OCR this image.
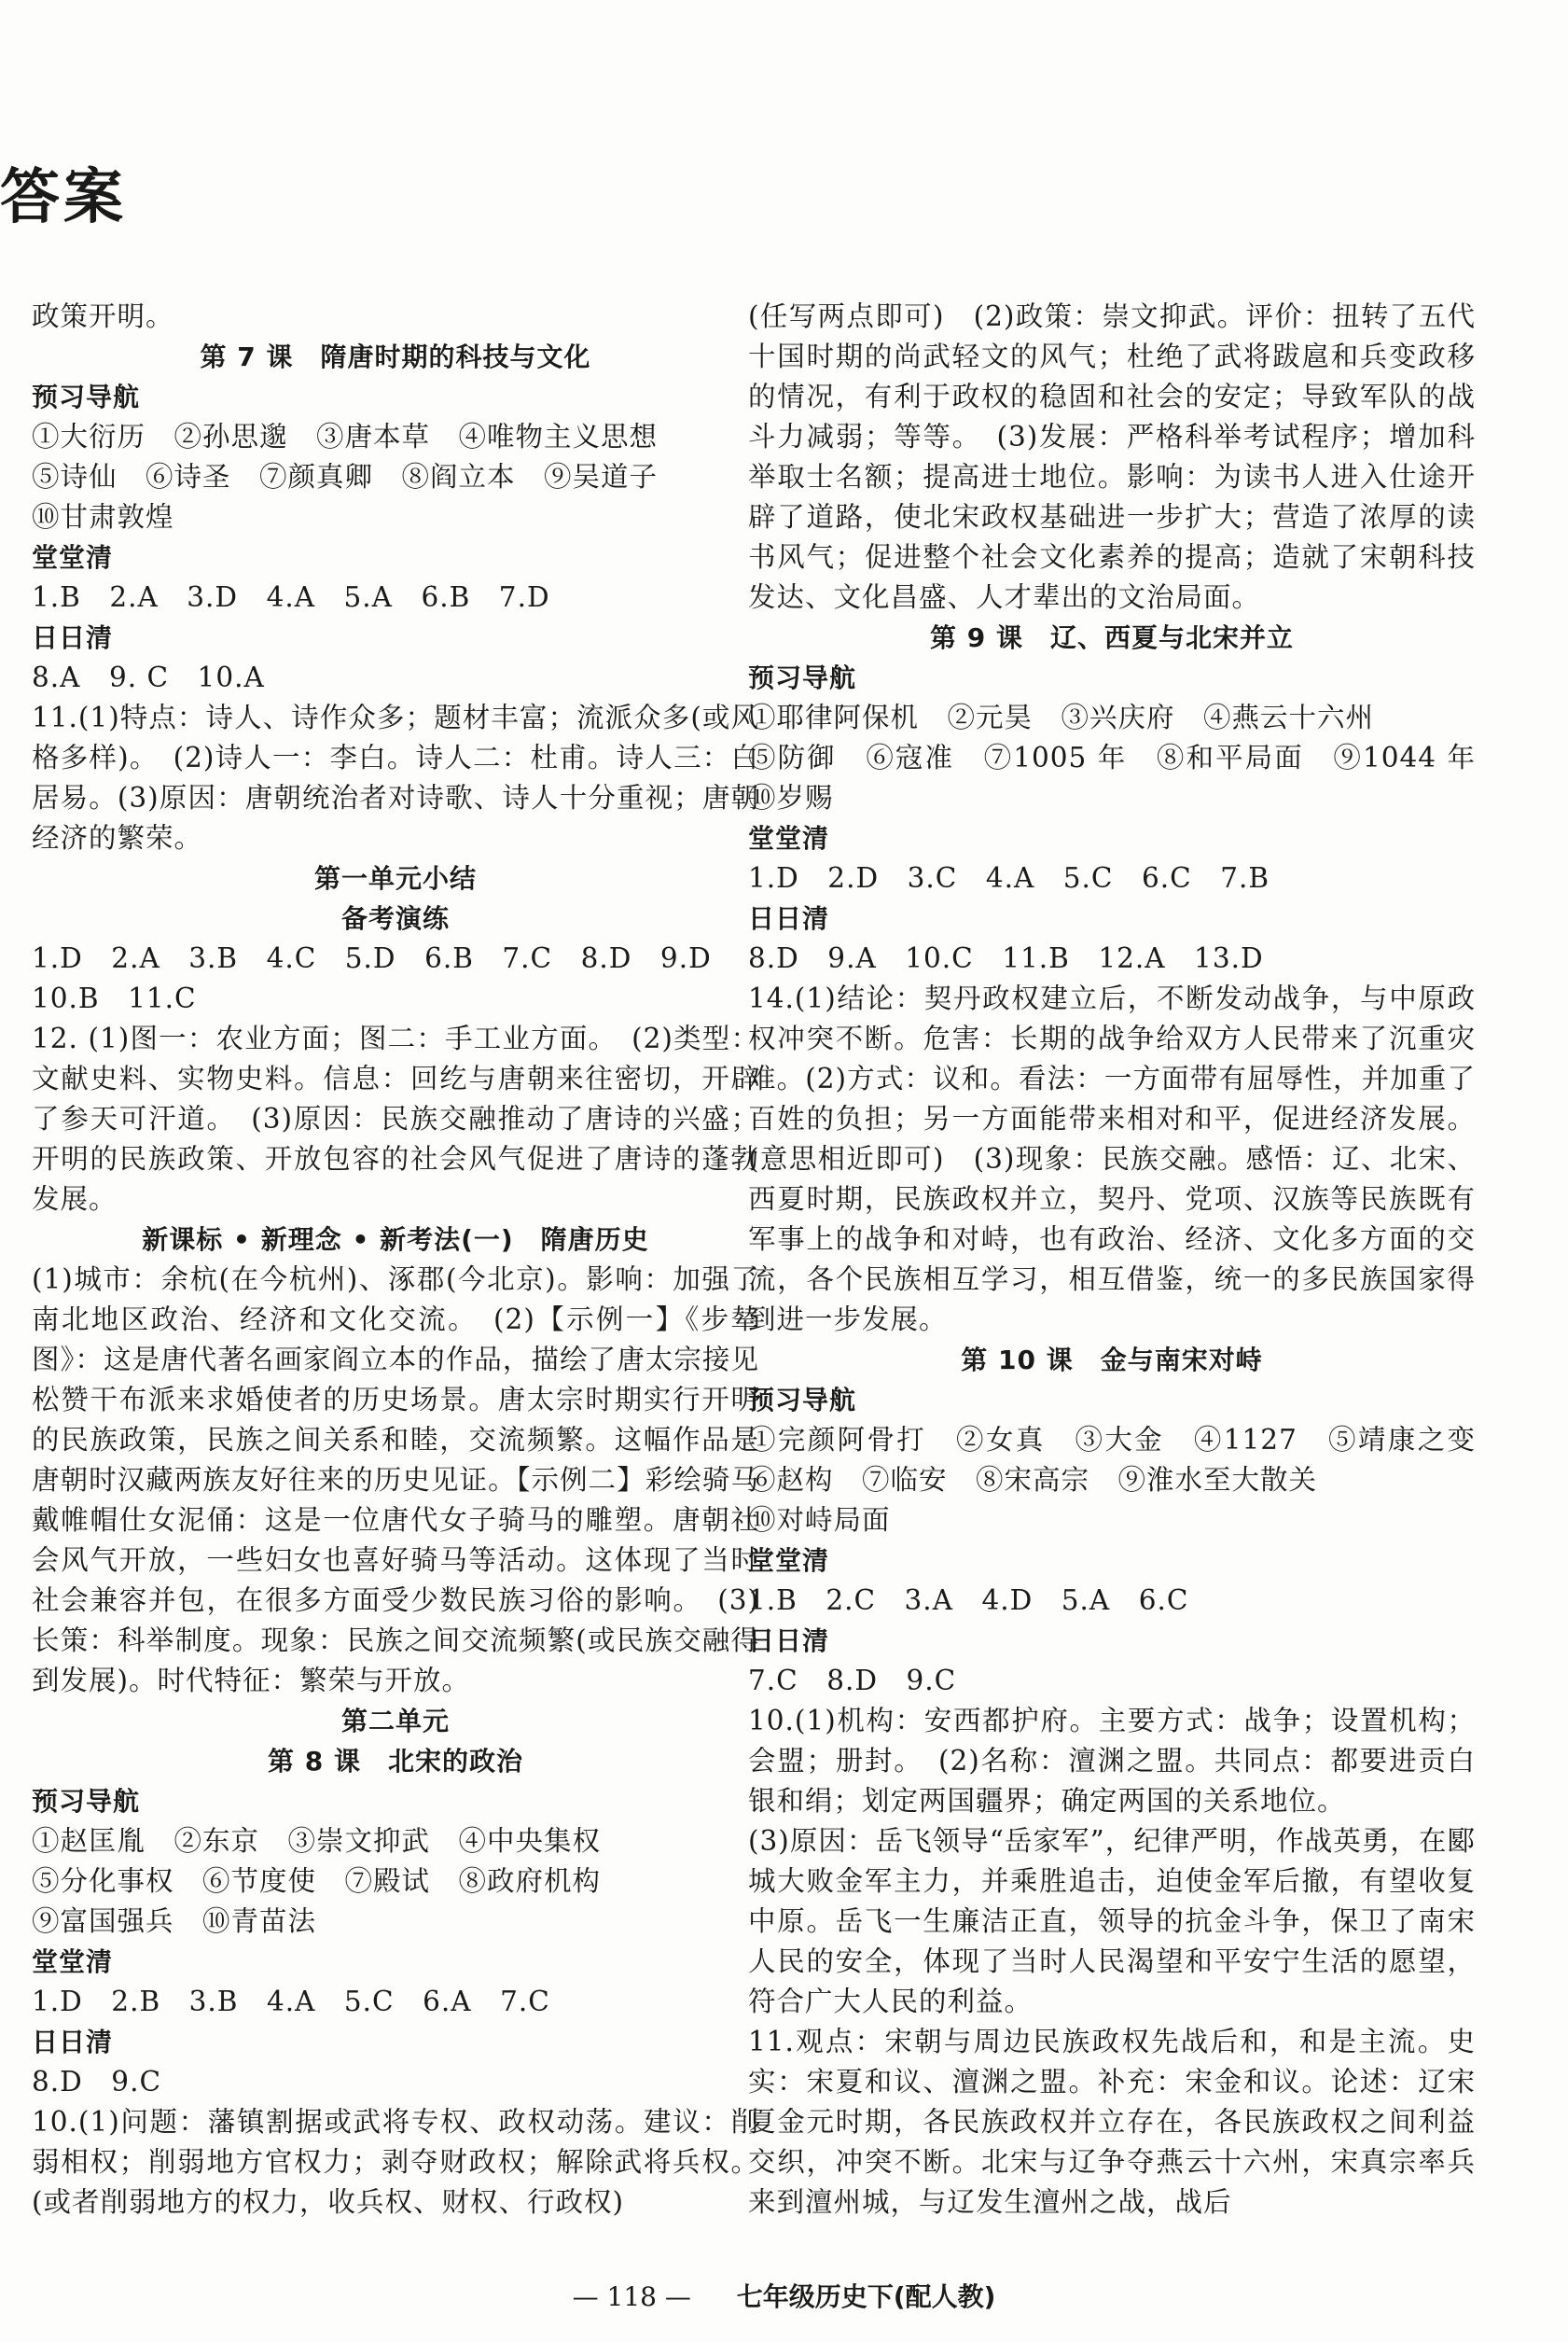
答案

政策开明。

第 7 课　隋唐时期的科技与文化

预习导航

①大衍历　②孙思邈　③唐本草　④唯物主义思想

⑤诗仙　⑥诗圣　⑦颜真卿　⑧阎立本　⑨吴道子

⑩甘肃敦煌

堂堂清

1.B　2.A　3.D　4.A　5.A　6.B　7.D

日日清

8.A　9. C　10.A

11.(1)特点：诗人、诗作众多；题材丰富；流派众多(或风格多样)。　(2)诗人一：李白。诗人二：杜甫。诗人三：白居易。(3)原因：唐朝统治者对诗歌、诗人十分重视；唐朝经济的繁荣。

第一单元小结

备考演练

1.D　2.A　3.B　4.C　5.D　6.B　7.C　8.D　9.D

10.B　11.C

12. (1)图一：农业方面；图二：手工业方面。　(2)类型：文献史料、实物史料。信息：回纥与唐朝来往密切，开辟了参天可汗道。　(3)原因：民族交融推动了唐诗的兴盛；开明的民族政策、开放包容的社会风气促进了唐诗的蓬勃发展。

新课标 • 新理念 • 新考法(一)　隋唐历史

(1)城市：余杭(在今杭州)、涿郡(今北京)。影响：加强了南北地区政治、经济和文化交流。　(2)【示例一】《步辇图》：这是唐代著名画家阎立本的作品，描绘了唐太宗接见松赞干布派来求婚使者的历史场景。唐太宗时期实行开明的民族政策，民族之间关系和睦，交流频繁。这幅作品是唐朝时汉藏两族友好往来的历史见证。【示例二】彩绘骑马戴帷帽仕女泥俑：这是一位唐代女子骑马的雕塑。唐朝社会风气开放，一些妇女也喜好骑马等活动。这体现了当时社会兼容并包，在很多方面受少数民族习俗的影响。　(3)长策：科举制度。现象：民族之间交流频繁(或民族交融得到发展)。时代特征：繁荣与开放。

第二单元

第 8 课　北宋的政治

预习导航

①赵匡胤　②东京　③崇文抑武　④中央集权

⑤分化事权　⑥节度使　⑦殿试　⑧政府机构

⑨富国强兵　⑩青苗法

堂堂清

1.D　2.B　3.B　4.A　5.C　6.A　7.C

日日清

8.D　9.C

10.(1)问题：藩镇割据或武将专权、政权动荡。建议：削弱相权；削弱地方官权力；剥夺财政权；解除武将兵权。(或者削弱地方的权力，收兵权、财权、行政权)

(任写两点即可)　(2)政策：崇文抑武。评价：扭转了五代十国时期的尚武轻文的风气；杜绝了武将跋扈和兵变政移的情况，有利于政权的稳固和社会的安定；导致军队的战斗力减弱；等等。　(3)发展：严格科举考试程序；增加科举取士名额；提高进士地位。影响：为读书人进入仕途开辟了道路，使北宋政权基础进一步扩大；营造了浓厚的读书风气；促进整个社会文化素养的提高；造就了宋朝科技发达、文化昌盛、人才辈出的文治局面。

第 9 课　辽、西夏与北宋并立

预习导航

①耶律阿保机　②元昊　③兴庆府　④燕云十六州

⑤防御　⑥寇准　⑦1005 年　⑧和平局面　⑨1044 年　⑩岁赐

堂堂清

1.D　2.D　3.C　4.A　5.C　6.C　7.B

日日清

8.D　9.A　10.C　11.B　12.A　13.D

14.(1)结论：契丹政权建立后，不断发动战争，与中原政权冲突不断。危害：长期的战争给双方人民带来了沉重灾难。(2)方式：议和。看法：一方面带有屈辱性，并加重了百姓的负担；另一方面能带来相对和平，促进经济发展。(意思相近即可)　(3)现象：民族交融。感悟：辽、北宋、西夏时期，民族政权并立，契丹、党项、汉族等民族既有军事上的战争和对峙，也有政治、经济、文化多方面的交流，各个民族相互学习，相互借鉴，统一的多民族国家得到进一步发展。

第 10 课　金与南宋对峙

预习导航

①完颜阿骨打　②女真　③大金　④1127　⑤靖康之变　⑥赵构　⑦临安　⑧宋高宗　⑨淮水至大散关

⑩对峙局面

堂堂清

1.B　2.C　3.A　4.D　5.A　6.C

日日清

7.C　8.D　9.C

10.(1)机构：安西都护府。主要方式：战争；设置机构；会盟；册封。　(2)名称：澶渊之盟。共同点：都要进贡白银和绢；划定两国疆界；确定两国的关系地位。

(3)原因：岳飞领导“岳家军”，纪律严明，作战英勇，在郾城大败金军主力，并乘胜追击，迫使金军后撤，有望收复中原。岳飞一生廉洁正直，领导的抗金斗争，保卫了南宋人民的安全，体现了当时人民渴望和平安宁生活的愿望，符合广大人民的利益。

11.观点：宋朝与周边民族政权先战后和，和是主流。史实：宋夏和议、澶渊之盟。补充：宋金和议。论述：辽宋夏金元时期，各民族政权并立存在，各民族政权之间利益交织，冲突不断。北宋与辽争夺燕云十六州，宋真宗率兵来到澶州城，与辽发生澶州之战，战后

— 118 — 七年级历史下(配人教)
